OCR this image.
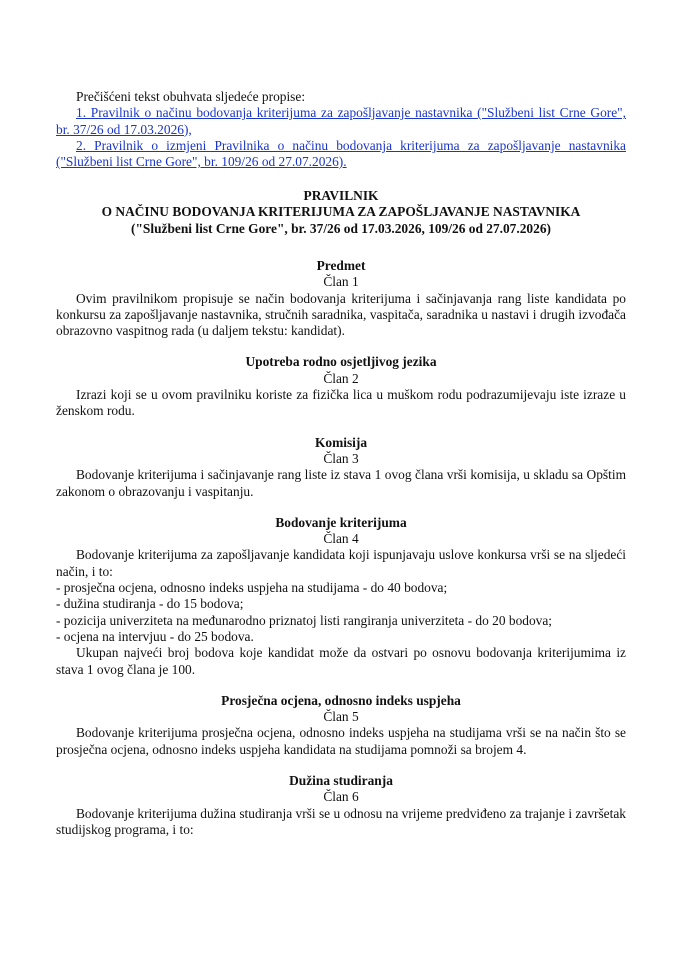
Prečišćeni tekst obuhvata sljedeće propise:
1. Pravilnik o načinu bodovanja kriterijuma za zapošljavanje nastavnika ("Službeni list Crne Gore", br. 37/26 od 17.03.2026),
2. Pravilnik o izmjeni Pravilnika o načinu bodovanja kriterijuma za zapošljavanje nastavnika ("Službeni list Crne Gore", br. 109/26 od 27.07.2026).
PRAVILNIK
O NAČINU BODOVANJA KRITERIJUMA ZA ZAPOŠLJAVANJE NASTAVNIKA
("Službeni list Crne Gore", br. 37/26 od 17.03.2026, 109/26 od 27.07.2026)
Predmet
Član 1

Ovim pravilnikom propisuje se način bodovanja kriterijuma i sačinjavanja rang liste kandidata po konkursu za zapošljavanje nastavnika, stručnih saradnika, vaspitača, saradnika u nastavi i drugih izvođača obrazovno vaspitnog rada (u daljem tekstu: kandidat).

Upotreba rodno osjetljivog jezika
Član 2

Izrazi koji se u ovom pravilniku koriste za fizička lica u muškom rodu podrazumijevaju iste izraze u ženskom rodu.

Komisija
Član 3

Bodovanje kriterijuma i sačinjavanje rang liste iz stava 1 ovog člana vrši komisija, u skladu sa Opštim zakonom o obrazovanju i vaspitanju.

Bodovanje kriterijuma
Član 4

Bodovanje kriterijuma za zapošljavanje kandidata koji ispunjavaju uslove konkursa vrši se na sljedeći način, i to:

- prosječna ocjena, odnosno indeks uspjeha na studijama - do 40 bodova;
- dužina studiranja - do 15 bodova;
- pozicija univerziteta na međunarodno priznatoj listi rangiranja univerziteta - do 20 bodova;
- ocjena na intervjuu - do 25 bodova.

Ukupan najveći broj bodova koje kandidat može da ostvari po osnovu bodovanja kriterijumima iz stava 1 ovog člana je 100.

Prosječna ocjena, odnosno indeks uspjeha
Član 5

Bodovanje kriterijuma prosječna ocjena, odnosno indeks uspjeha na studijama vrši se na način što se prosječna ocjena, odnosno indeks uspjeha kandidata na studijama pomnoži sa brojem 4.

Dužina studiranja
Član 6

Bodovanje kriterijuma dužina studiranja vrši se u odnosu na vrijeme predviđeno za trajanje i završetak studijskog programa, i to:
